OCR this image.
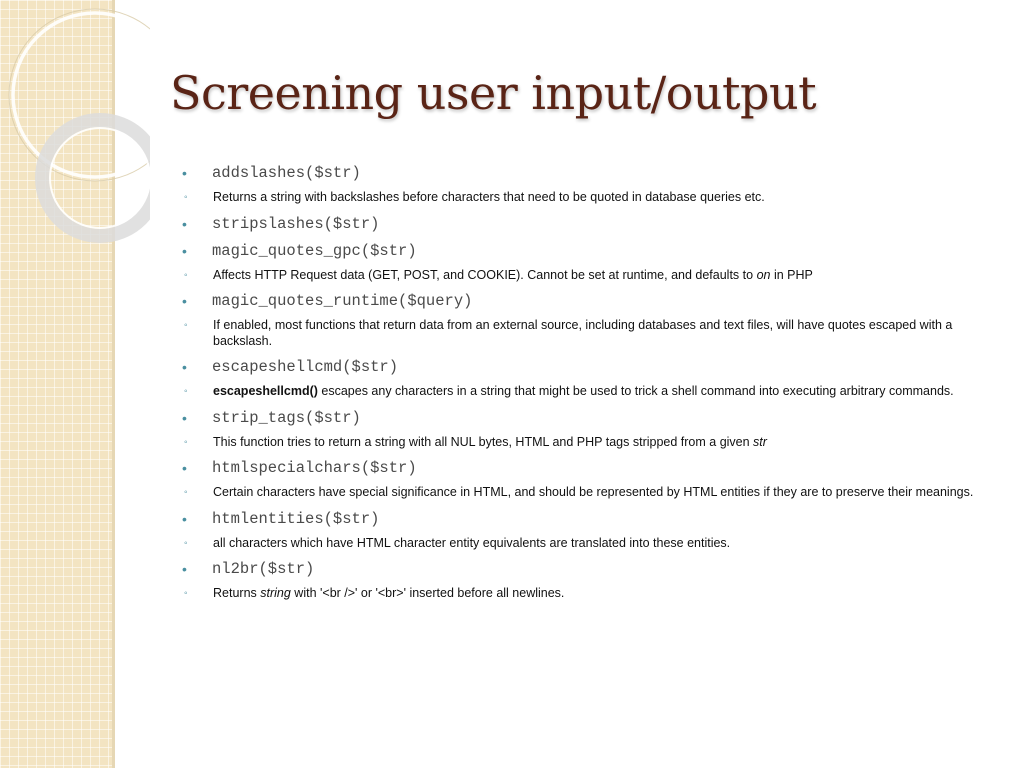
Screening user input/output
•	addslashes($str)
◦ Returns a string with backslashes before characters that need to be quoted in database queries etc.
•	stripslashes($str)
•	magic_quotes_gpc($str)
◦ Affects HTTP Request data (GET, POST, and COOKIE). Cannot be set at runtime, and defaults to on in PHP
•	magic_quotes_runtime($query)
◦ If enabled, most functions that return data from an external source, including databases and text files, will have quotes escaped with a backslash.
•	escapeshellcmd($str)
◦ escapeshellcmd() escapes any characters in a string that might be used to trick a shell command into executing arbitrary commands.
•	strip_tags($str)
◦ This function tries to return a string with all NUL bytes, HTML and PHP tags stripped from a given str
•	htmlspecialchars($str)
◦ Certain characters have special significance in HTML, and should be represented by HTML entities if they are to preserve their meanings.
•	htmlentities($str)
◦ all characters which have HTML character entity equivalents are translated into these entities.
•	nl2br($str)
◦ Returns string with '<br />' or '<br>' inserted before all newlines.
